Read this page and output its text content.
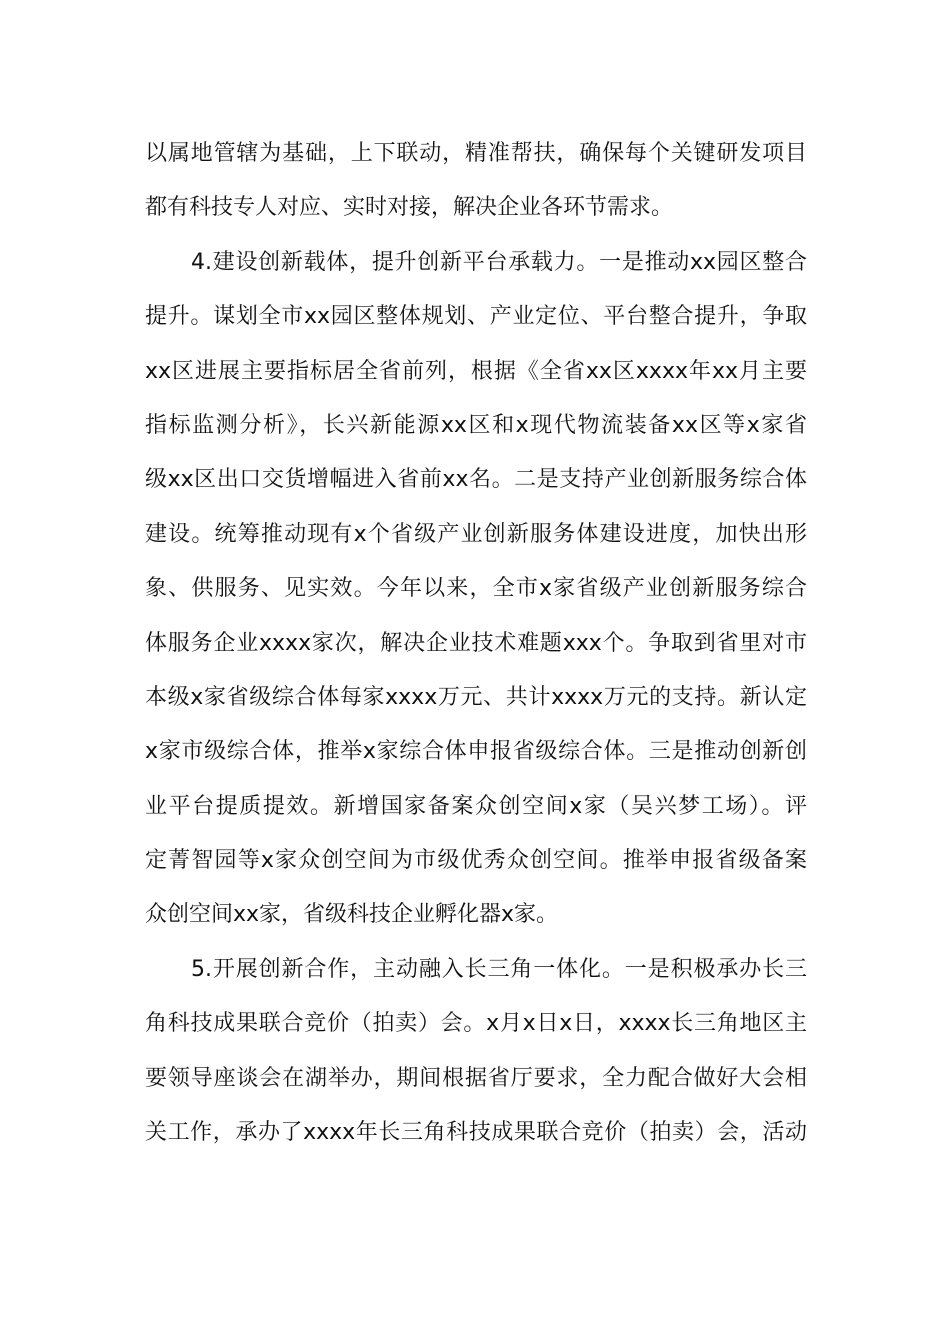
以属地管辖为基础，上下联动，精准帮扶，确保每个关键研发项目
都有科技专人对应、实时对接，解决企业各环节需求。
4.建设创新载体，提升创新平台承载力。一是推动xx园区整合
提升。谋划全市xx园区整体规划、产业定位、平台整合提升，争取
xx区进展主要指标居全省前列，根据《全省xx区xxxx年xx月主要
指标监测分析》，长兴新能源xx区和x现代物流装备xx区等x家省
级xx区出口交货增幅进入省前xx名。二是支持产业创新服务综合体
建设。统筹推动现有x个省级产业创新服务体建设进度，加快出形
象、供服务、见实效。今年以来，全市x家省级产业创新服务综合
体服务企业xxxx家次，解决企业技术难题xxx个。争取到省里对市
本级x家省级综合体每家xxxx万元、共计xxxx万元的支持。新认定
x家市级综合体，推举x家综合体申报省级综合体。三是推动创新创
业平台提质提效。新增国家备案众创空间x家（吴兴梦工场）。评
定菁智园等x家众创空间为市级优秀众创空间。推举申报省级备案
众创空间xx家，省级科技企业孵化器x家。
5.开展创新合作，主动融入长三角一体化。一是积极承办长三
角科技成果联合竞价（拍卖）会。x月x日x日，xxxx长三角地区主
要领导座谈会在湖举办，期间根据省厅要求，全力配合做好大会相
关工作，承办了xxxx年长三角科技成果联合竞价（拍卖）会，活动
